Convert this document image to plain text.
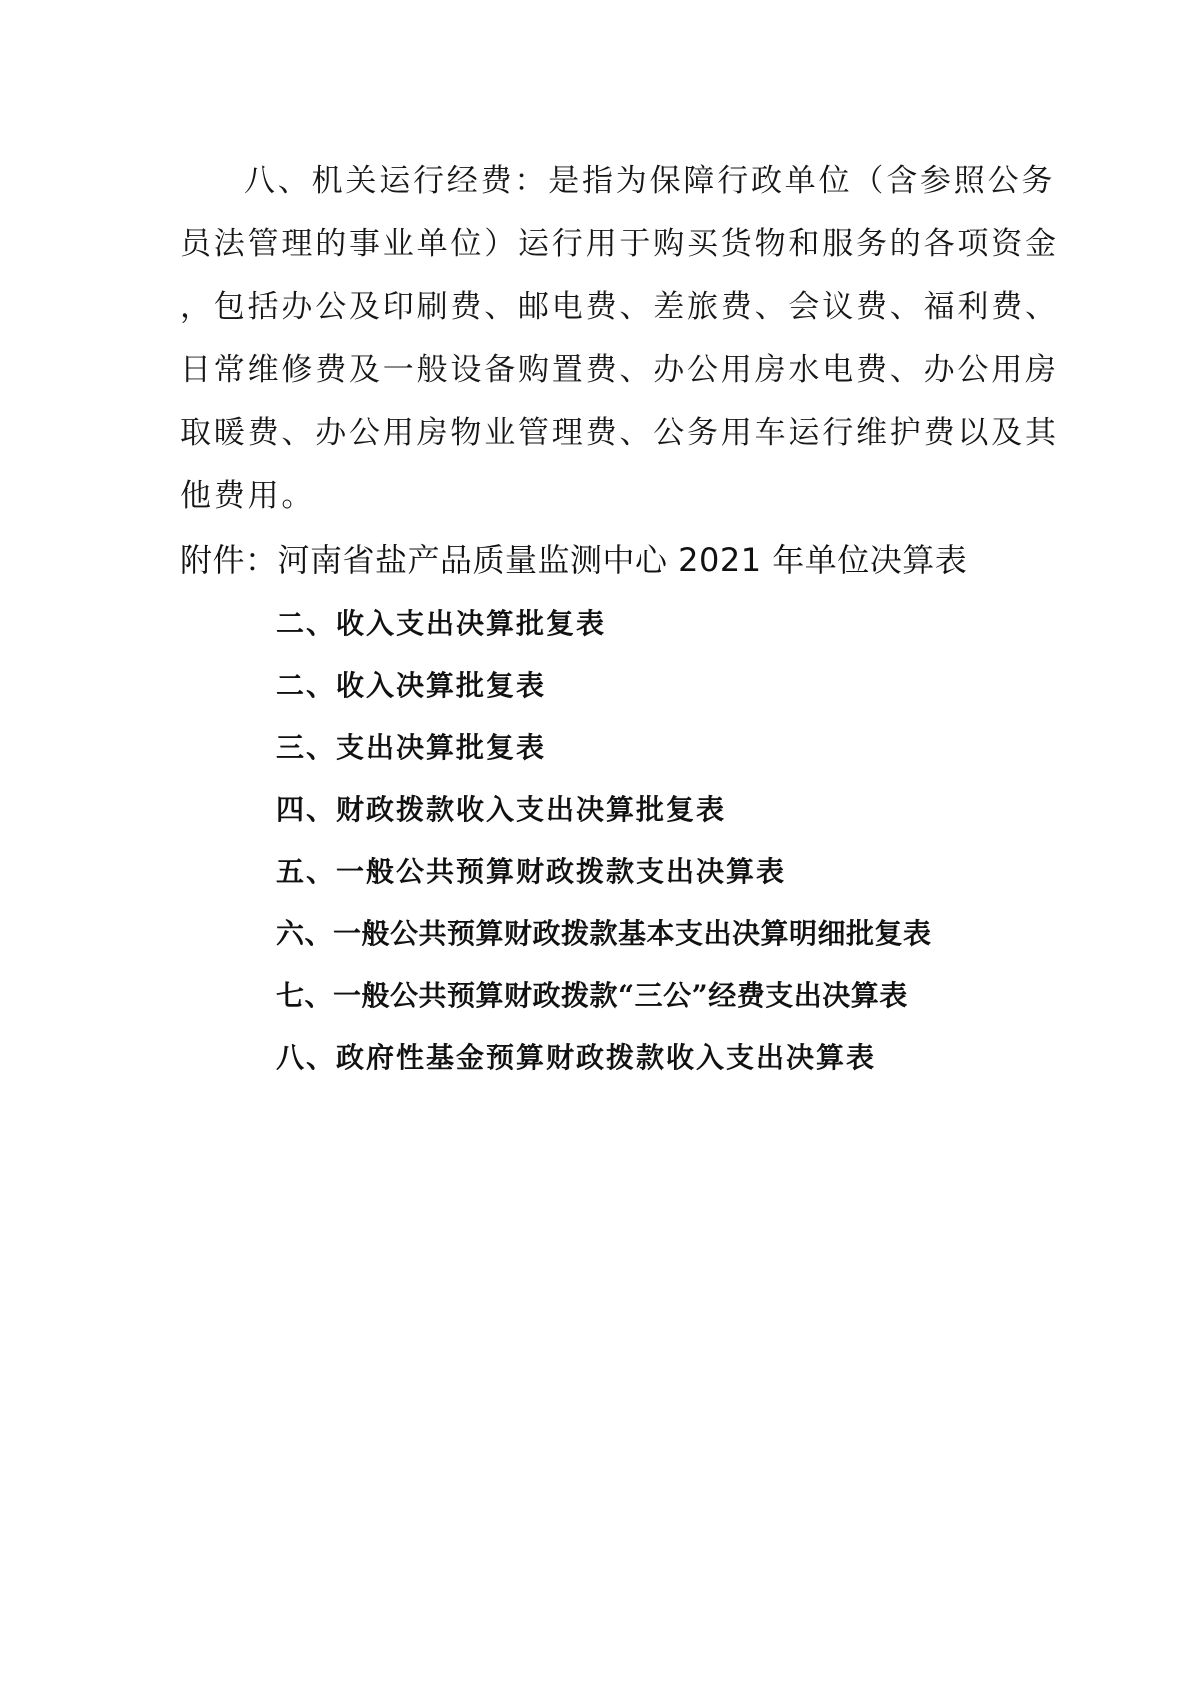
八、机关运行经费：是指为保障行政单位（含参照公务
员法管理的事业单位）运行用于购买货物和服务的各项资金
，包括办公及印刷费、邮电费、差旅费、会议费、福利费、
日常维修费及一般设备购置费、办公用房水电费、办公用房
取暖费、办公用房物业管理费、公务用车运行维护费以及其
他费用。
附件：河南省盐产品质量监测中心 2021 年单位决算表
二、收入支出决算批复表
二、收入决算批复表
三、支出决算批复表
四、财政拨款收入支出决算批复表
五、一般公共预算财政拨款支出决算表
六、一般公共预算财政拨款基本支出决算明细批复表
七、一般公共预算财政拨款“三公”经费支出决算表
八、政府性基金预算财政拨款收入支出决算表
